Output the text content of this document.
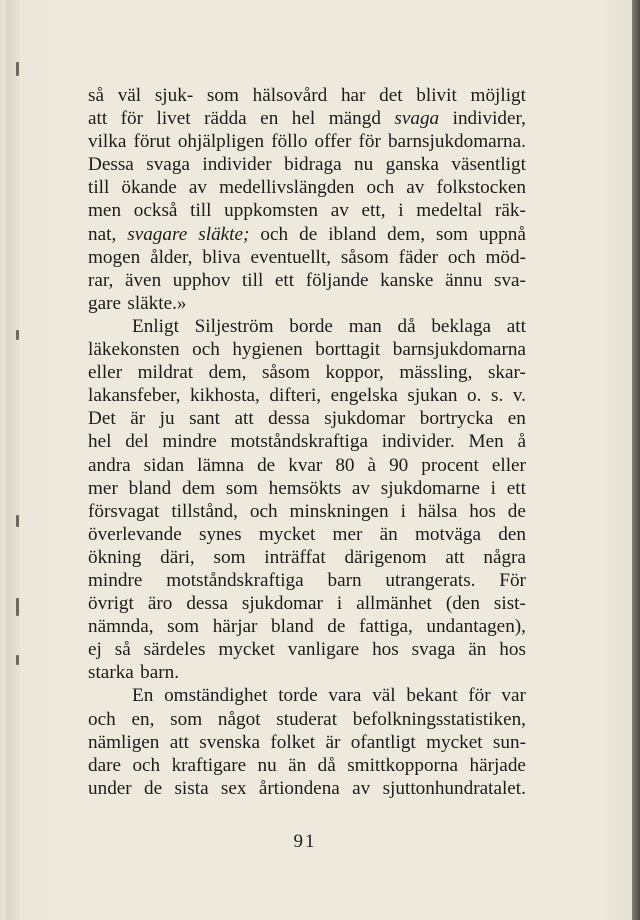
så väl sjuk- som hälsovård har det blivit möjligt
att för livet rädda en hel mängd svaga individer,
vilka förut ohjälpligen föllo offer för barnsjukdomarna.
Dessa svaga individer bidraga nu ganska väsentligt
till ökande av medellivslängden och av folkstocken
men också till uppkomsten av ett, i medeltal räk-
nat, svagare släkte; och de ibland dem, som uppnå
mogen ålder, bliva eventuellt, såsom fäder och möd-
rar, även upphov till ett följande kanske ännu sva-
gare släkte.»
Enligt Siljeström borde man då beklaga att
läkekonsten och hygienen borttagit barnsjukdomarna
eller mildrat dem, såsom koppor, mässling, skar-
lakansfeber, kikhosta, difteri, engelska sjukan o. s. v.
Det är ju sant att dessa sjukdomar bortrycka en
hel del mindre motståndskraftiga individer. Men å
andra sidan lämna de kvar 80 à 90 procent eller
mer bland dem som hemsökts av sjukdomarne i ett
försvagat tillstånd, och minskningen i hälsa hos de
överlevande synes mycket mer än motväga den
ökning däri, som inträffat därigenom att några
mindre motståndskraftiga barn utrangerats. För
övrigt äro dessa sjukdomar i allmänhet (den sist-
nämnda, som härjar bland de fattiga, undantagen),
ej så särdeles mycket vanligare hos svaga än hos
starka barn.
En omständighet torde vara väl bekant för var
och en, som något studerat befolkningsstatistiken,
nämligen att svenska folket är ofantligt mycket sun-
dare och kraftigare nu än då smittkopporna härjade
under de sista sex årtiondena av sjuttonhundratalet.
91
